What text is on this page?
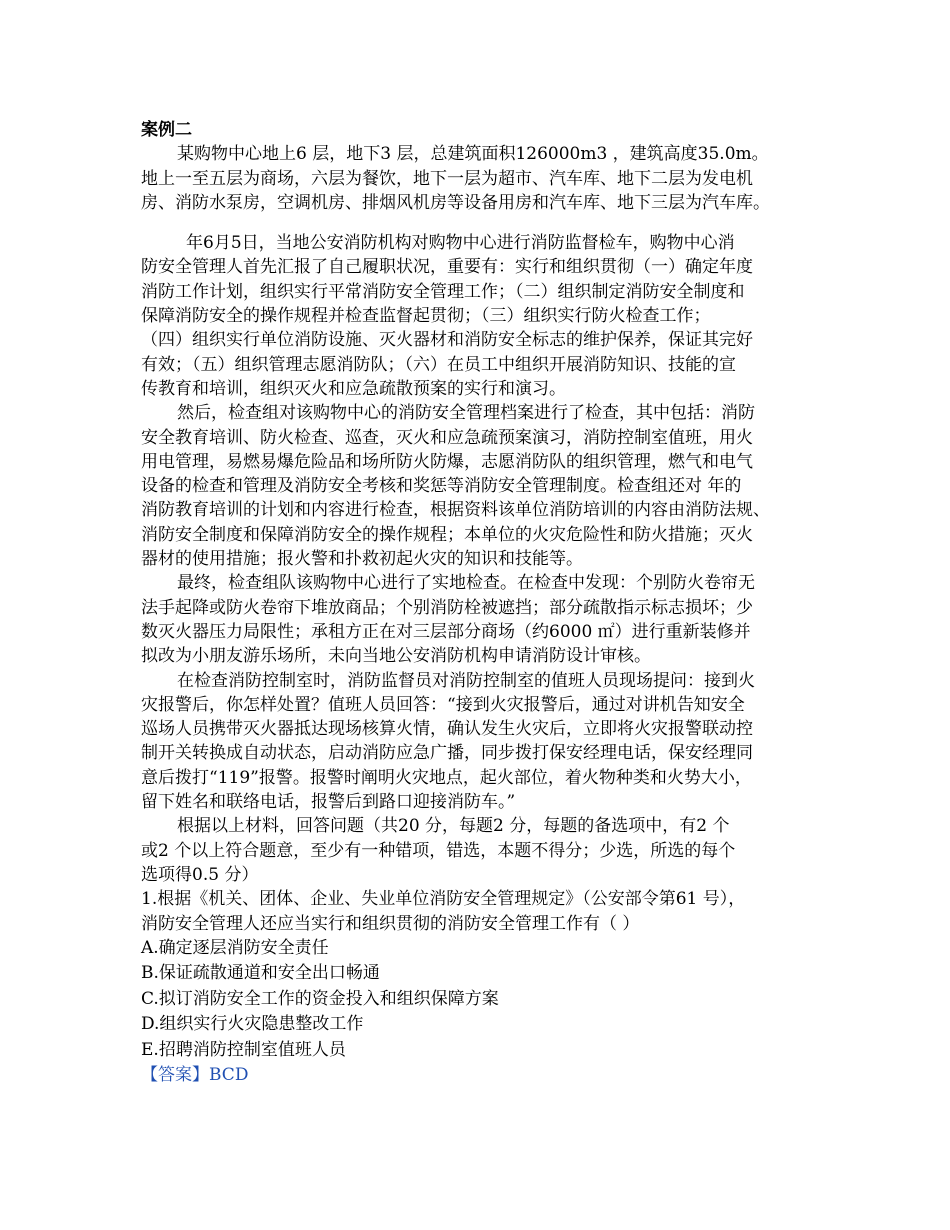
案例二

某购物中心地上6 层，地下3 层，总建筑面积126000m3 ，建筑高度35.0m。

地上一至五层为商场，六层为餐饮，地下一层为超市、汽车库、地下二层为发电机

房、消防水泵房，空调机房、排烟风机房等设备用房和汽车库、地下三层为汽车库。

年6月5日，当地公安消防机构对购物中心进行消防监督检车，购物中心消

防安全管理人首先汇报了自己履职状况，重要有：实行和组织贯彻（一）确定年度

消防工作计划，组织实行平常消防安全管理工作；（二）组织制定消防安全制度和

保障消防安全的操作规程并检查监督起贯彻；（三）组织实行防火检查工作；

（四）组织实行单位消防设施、灭火器材和消防安全标志的维护保养，保证其完好

有效；（五）组织管理志愿消防队；（六）在员工中组织开展消防知识、技能的宣

传教育和培训，组织灭火和应急疏散预案的实行和演习。

然后，检查组对该购物中心的消防安全管理档案进行了检查，其中包括：消防

安全教育培训、防火检查、巡查，灭火和应急疏预案演习，消防控制室值班，用火

用电管理，易燃易爆危险品和场所防火防爆，志愿消防队的组织管理，燃气和电气

设备的检查和管理及消防安全考核和奖惩等消防安全管理制度。检查组还对 年的

消防教育培训的计划和内容进行检查，根据资料该单位消防培训的内容由消防法规、

消防安全制度和保障消防安全的操作规程；本单位的火灾危险性和防火措施；灭火

器材的使用措施；报火警和扑救初起火灾的知识和技能等。

最终，检查组队该购物中心进行了实地检查。在检查中发现：个别防火卷帘无

法手起降或防火卷帘下堆放商品；个别消防栓被遮挡；部分疏散指示标志损坏；少

数灭火器压力局限性；承租方正在对三层部分商场（约6000 ㎡）进行重新装修并

拟改为小朋友游乐场所，未向当地公安消防机构申请消防设计审核。

在检查消防控制室时，消防监督员对消防控制室的值班人员现场提问：接到火

灾报警后，你怎样处置？值班人员回答：“接到火灾报警后，通过对讲机告知安全

巡场人员携带灭火器抵达现场核算火情，确认发生火灾后，立即将火灾报警联动控

制开关转换成自动状态，启动消防应急广播，同步拨打保安经理电话，保安经理同

意后拨打“119”报警。报警时阐明火灾地点，起火部位，着火物种类和火势大小，

留下姓名和联络电话，报警后到路口迎接消防车。”

根据以上材料，回答问题（共20 分，每题2 分，每题的备选项中，有2 个

或2 个以上符合题意，至少有一种错项，错选，本题不得分；少选，所选的每个

选项得0.5 分）

1.根据《机关、团体、企业、失业单位消防安全管理规定》（公安部令第61 号），

消防安全管理人还应当实行和组织贯彻的消防安全管理工作有（ ）

A.确定逐层消防安全责任

B.保证疏散通道和安全出口畅通

C.拟订消防安全工作的资金投入和组织保障方案

D.组织实行火灾隐患整改工作

E.招聘消防控制室值班人员

【答案】BCD
